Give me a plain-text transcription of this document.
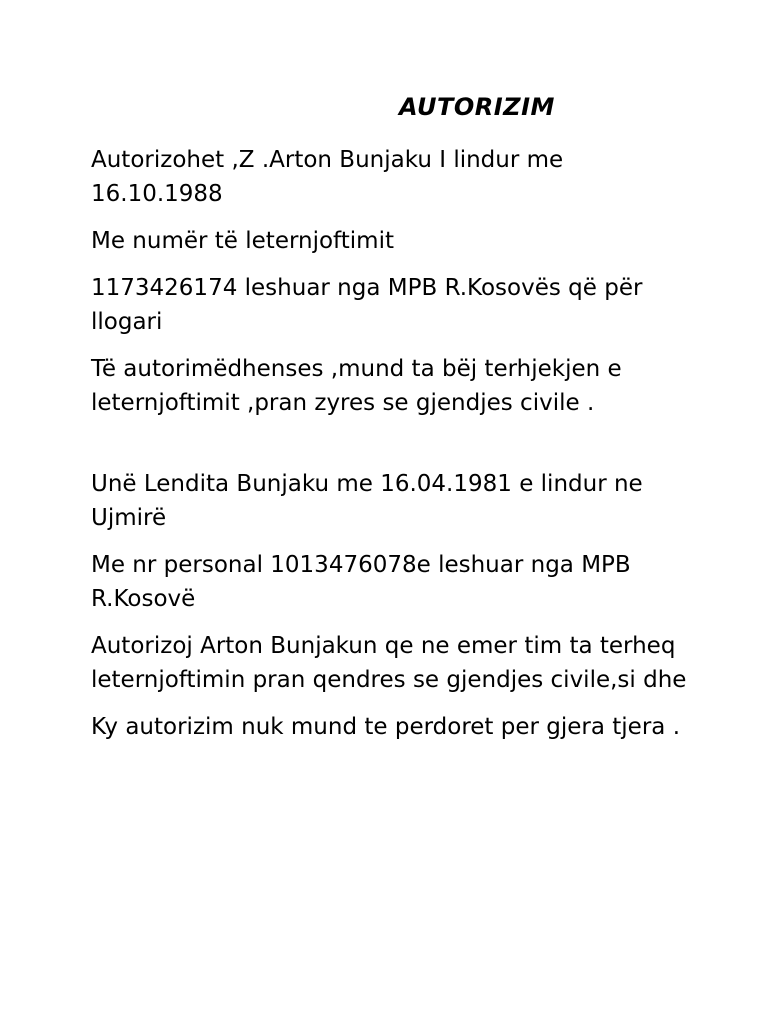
AUTORIZIM

Autorizohet ,Z .Arton Bunjaku I lindur me 16.10.1988

Me numër të leternjoftimit

1173426174 leshuar nga MPB R.Kosovës që për llogari

Të autorimëdhenses ,mund ta bëj terhjekjen e leternjoftimit ,pran zyres se gjendjes civile .

Unë Lendita Bunjaku me 16.04.1981 e lindur ne Ujmirë

Me nr personal 1013476078e leshuar nga MPB R.Kosovë

Autorizoj Arton Bunjakun qe ne emer tim ta terheq leternjoftimin pran qendres se gjendjes civile,si dhe

Ky autorizim nuk mund te perdoret per gjera tjera .
